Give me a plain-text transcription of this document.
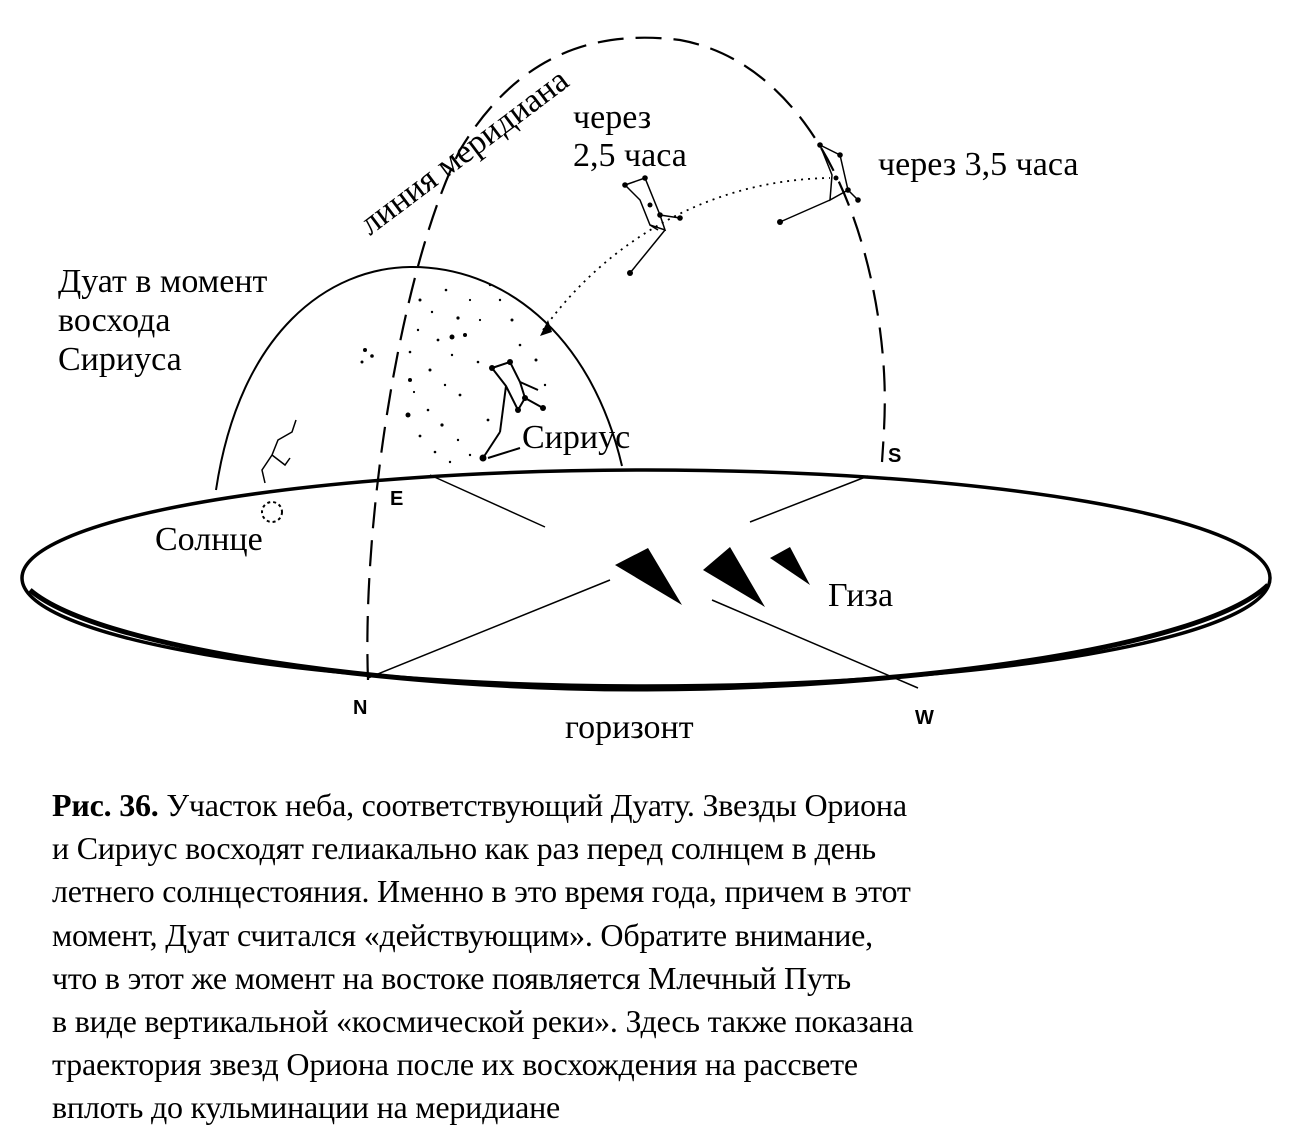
линия меридиана
через
2,5 часа	через 3,5 часа
Дуат в момент
восхода
Сириуса
Сириус
Солнце
Гиза
горизонт
N
E
S
W
Рис. 36. Участок неба, соответствующий Дуату. Звезды Ориона
и Сириус восходят гелиакально как раз перед солнцем в день
летнего солнцестояния. Именно в это время года, причем в этот
момент, Дуат считался «действующим». Обратите внимание,
что в этот же момент на востоке появляется Млечный Путь
в виде вертикальной «космической реки». Здесь также показана
траектория звезд Ориона после их восхождения на рассвете
вплоть до кульминации на меридиане
